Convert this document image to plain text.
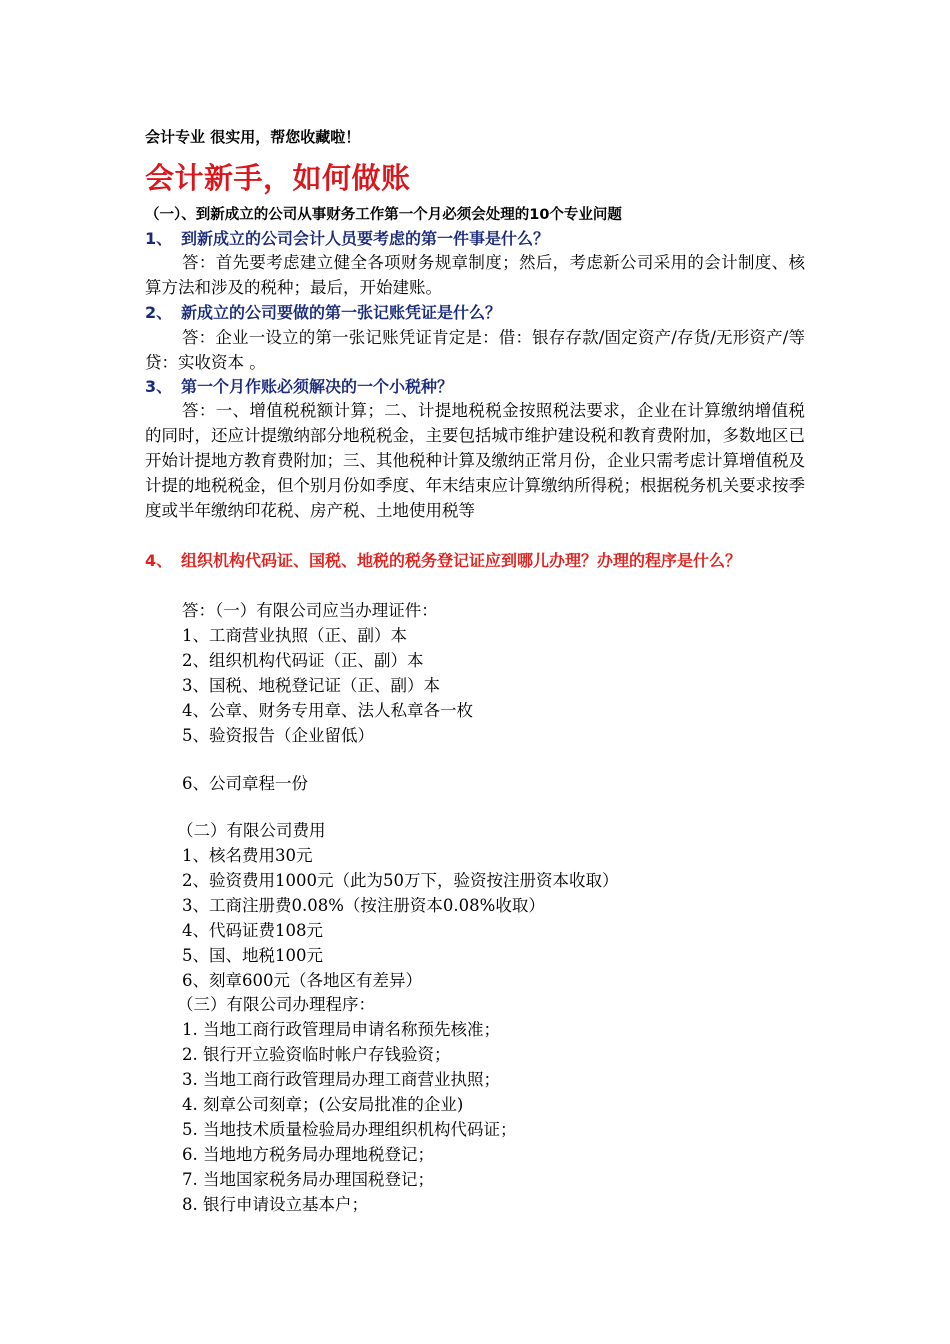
会计专业 很实用，帮您收藏啦！
会计新手，如何做账
（一）、到新成立的公司从事财务工作第一个月必须会处理的10个专业问题
1、 到新成立的公司会计人员要考虑的第一件事是什么？
答：首先要考虑建立健全各项财务规章制度；然后，考虑新公司采用的会计制度、核算方法和涉及的税种；最后，开始建账。
2、 新成立的公司要做的第一张记账凭证是什么？
答：企业一设立的第一张记账凭证肯定是：借：银存存款/固定资产/存货/无形资产/等 贷：实收资本 。
3、 第一个月作账必须解决的一个小税种？
答：一、增值税税额计算；二、计提地税税金按照税法要求，企业在计算缴纳增值税的同时，还应计提缴纳部分地税税金，主要包括城市维护建设税和教育费附加，多数地区已开始计提地方教育费附加；三、其他税种计算及缴纳正常月份，企业只需考虑计算增值税及计提的地税税金，但个别月份如季度、年末结束应计算缴纳所得税；根据税务机关要求按季度或半年缴纳印花税、房产税、土地使用税等
4、 组织机构代码证、国税、地税的税务登记证应到哪儿办理？办理的程序是什么？
答：（一）有限公司应当办理证件：
1、工商营业执照（正、副）本
2、组织机构代码证（正、副）本
3、国税、地税登记证（正、副）本
4、公章、财务专用章、法人私章各一枚
5、验资报告（企业留低）
6、公司章程一份
（二）有限公司费用
1、核名费用30元
2、验资费用1000元（此为50万下，验资按注册资本收取）
3、工商注册费0.08%（按注册资本0.08%收取）
4、代码证费108元
5、国、地税100元
6、刻章600元（各地区有差异）
（三）有限公司办理程序：
1. 当地工商行政管理局申请名称预先核准；
2. 银行开立验资临时帐户存钱验资；
3. 当地工商行政管理局办理工商营业执照；
4. 刻章公司刻章；(公安局批准的企业)
5. 当地技术质量检验局办理组织机构代码证；
6. 当地地方税务局办理地税登记；
7. 当地国家税务局办理国税登记；
8. 银行申请设立基本户；
